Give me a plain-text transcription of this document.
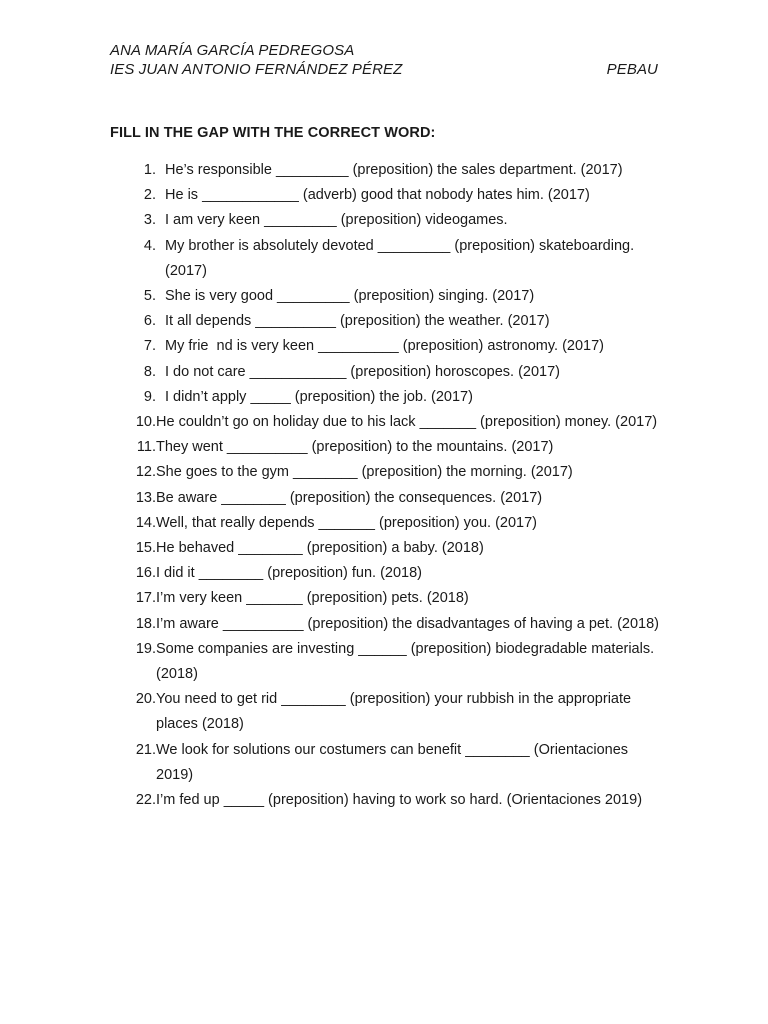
ANA MARÍA GARCÍA PEDREGOSA
IES JUAN ANTONIO FERNÁNDEZ PÉREZ	PEBAU
FILL IN THE GAP WITH THE CORRECT WORD:
1. He’s responsible _________ (preposition) the sales department. (2017)
2. He is ____________ (adverb) good that nobody hates him. (2017)
3. I am very keen _________ (preposition) videogames.
4. My brother is absolutely devoted _________ (preposition) skateboarding. (2017)
5. She is very good _________ (preposition) singing. (2017)
6. It all depends __________ (preposition) the weather. (2017)
7. My frie  nd is very keen __________ (preposition) astronomy. (2017)
8. I do not care ____________ (preposition) horoscopes. (2017)
9. I didn’t apply _____ (preposition) the job. (2017)
10. He couldn’t go on holiday due to his lack _______ (preposition) money. (2017)
11. They went __________ (preposition) to the mountains. (2017)
12. She goes to the gym ________ (preposition) the morning. (2017)
13. Be aware ________ (preposition) the consequences. (2017)
14. Well, that really depends _______ (preposition) you. (2017)
15. He behaved ________ (preposition) a baby. (2018)
16. I did it ________ (preposition) fun. (2018)
17. I’m very keen _______ (preposition) pets. (2018)
18. I’m aware __________ (preposition) the disadvantages of having a pet. (2018)
19. Some companies are investing ______ (preposition) biodegradable materials. (2018)
20. You need to get rid ________ (preposition) your rubbish in the appropriate places (2018)
21. We look for solutions our costumers can benefit ________ (Orientaciones 2019)
22. I’m fed up _____ (preposition) having to work so hard. (Orientaciones 2019)
